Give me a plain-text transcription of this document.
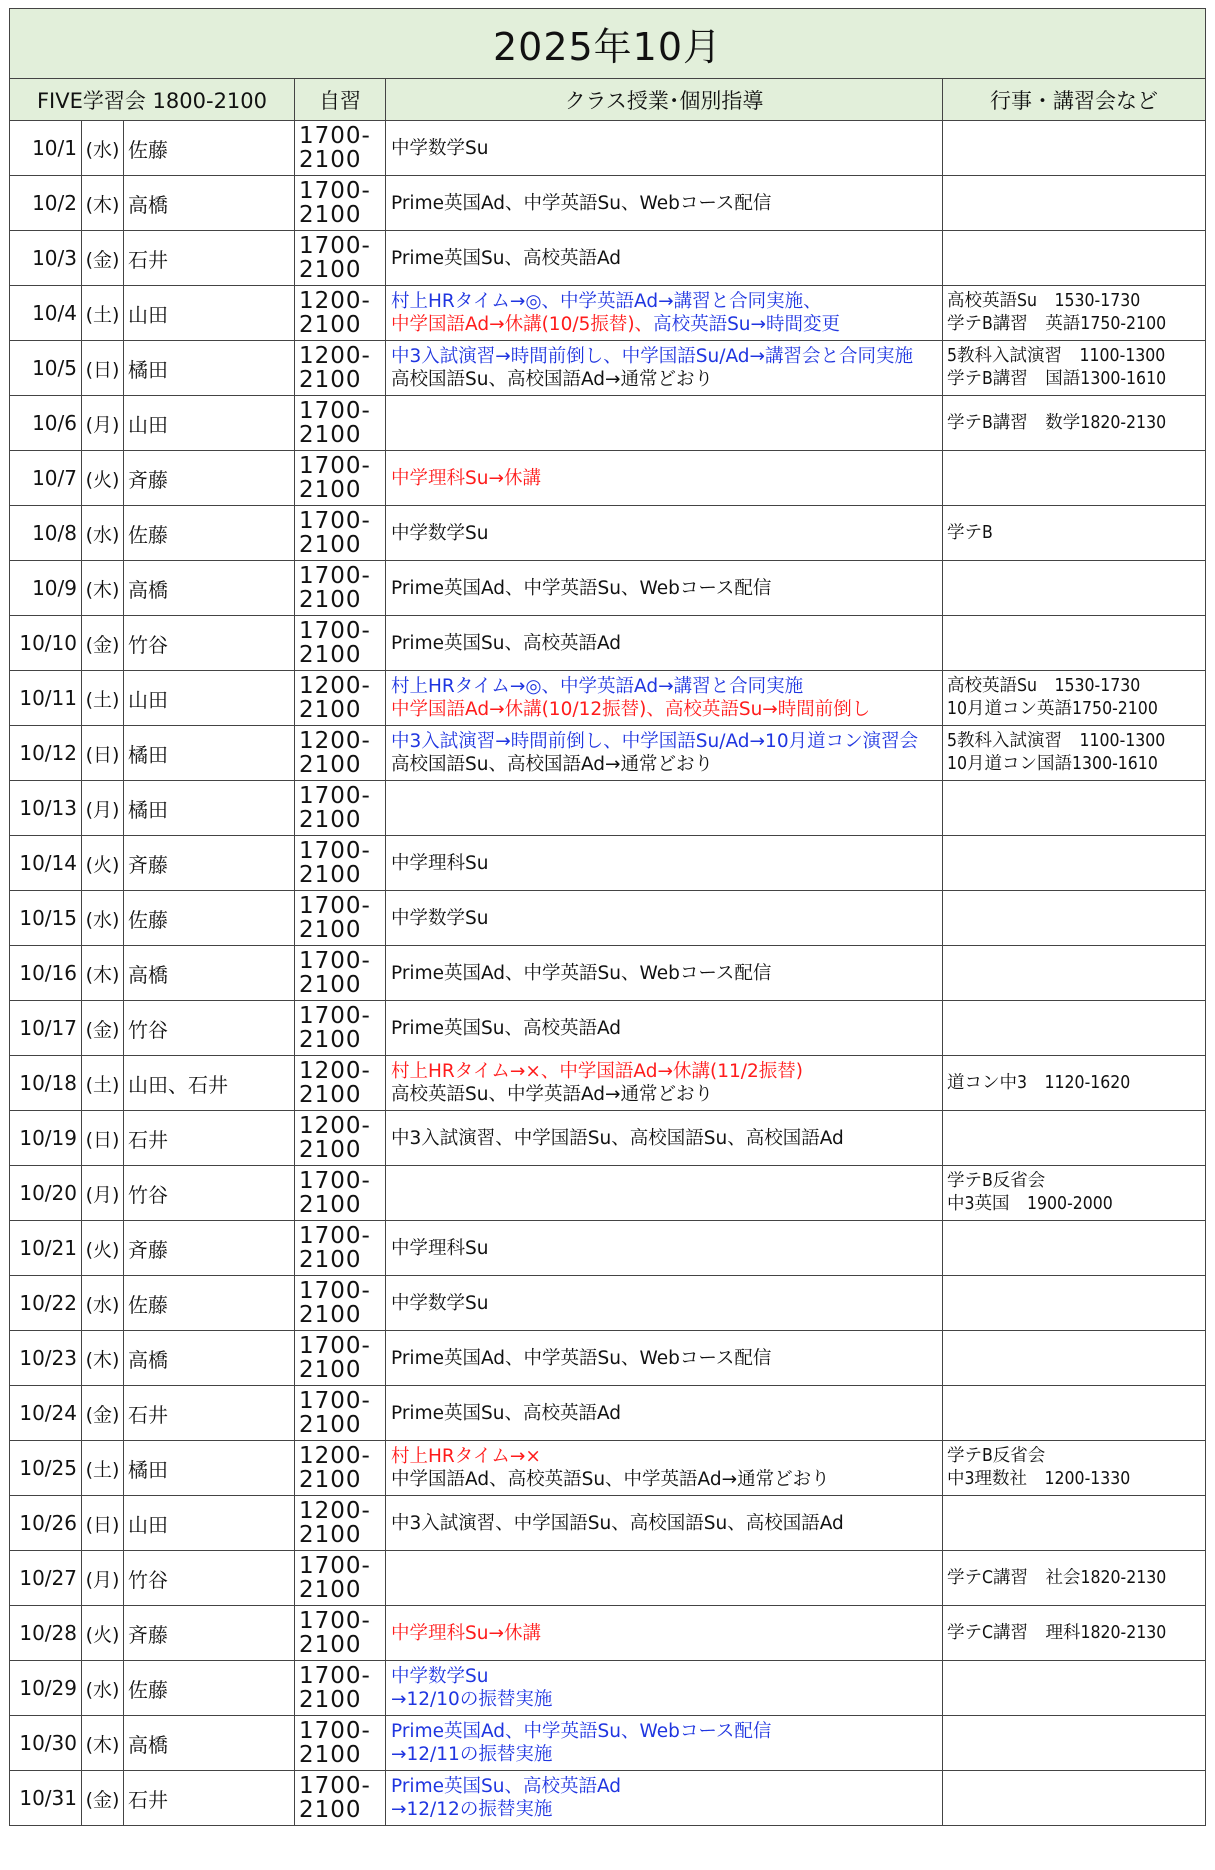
2025年10月					
FIVE学習会 1800-2100			自習	クラス授業･個別指導	行事・講習会など
10/1	(水)	佐藤	1700-
2100	中学数学Su	

10/2	(木)	高橋	1700-
2100	Prime英国Ad、中学英語Su、Webコース配信	

10/3	(金)	石井	1700-
2100	Prime英国Su、高校英語Ad	

10/4	(土)	山田	1200-
2100	村上HRタイム→◎、中学英語Ad→講習と合同実施、
中学国語Ad→休講(10/5振替)、高校英語Su→時間変更	高校英語Su　1530-1730
学テB講習　英語1750-2100

10/5	(日)	橘田	1200-
2100	中3入試演習→時間前倒し、中学国語Su/Ad→講習会と合同実施
高校国語Su、高校国語Ad→通常どおり	5教科入試演習　1100-1300
学テB講習　国語1300-1610

10/6	(月)	山田	1700-
2100		学テB講習　数学1820-2130

10/7	(火)	斉藤	1700-
2100	中学理科Su→休講	

10/8	(水)	佐藤	1700-
2100	中学数学Su	学テB

10/9	(木)	高橋	1700-
2100	Prime英国Ad、中学英語Su、Webコース配信	

10/10	(金)	竹谷	1700-
2100	Prime英国Su、高校英語Ad	

10/11	(土)	山田	1200-
2100	村上HRタイム→◎、中学英語Ad→講習と合同実施
中学国語Ad→休講(10/12振替)、高校英語Su→時間前倒し	高校英語Su　1530-1730
10月道コン英語1750-2100

10/12	(日)	橘田	1200-
2100	中3入試演習→時間前倒し、中学国語Su/Ad→10月道コン演習会
高校国語Su、高校国語Ad→通常どおり	5教科入試演習　1100-1300
10月道コン国語1300-1610

10/13	(月)	橘田	1700-
2100		

10/14	(火)	斉藤	1700-
2100	中学理科Su	

10/15	(水)	佐藤	1700-
2100	中学数学Su	

10/16	(木)	高橋	1700-
2100	Prime英国Ad、中学英語Su、Webコース配信	

10/17	(金)	竹谷	1700-
2100	Prime英国Su、高校英語Ad	

10/18	(土)	山田、石井	1200-
2100	村上HRタイム→×、中学国語Ad→休講(11/2振替)
高校英語Su、中学英語Ad→通常どおり	道コン中3　1120-1620

10/19	(日)	石井	1200-
2100	中3入試演習、中学国語Su、高校国語Su、高校国語Ad	

10/20	(月)	竹谷	1700-
2100		学テB反省会
中3英国　1900-2000

10/21	(火)	斉藤	1700-
2100	中学理科Su	

10/22	(水)	佐藤	1700-
2100	中学数学Su	

10/23	(木)	高橋	1700-
2100	Prime英国Ad、中学英語Su、Webコース配信	

10/24	(金)	石井	1700-
2100	Prime英国Su、高校英語Ad	

10/25	(土)	橘田	1200-
2100	村上HRタイム→×
中学国語Ad、高校英語Su、中学英語Ad→通常どおり	学テB反省会
中3理数社　1200-1330

10/26	(日)	山田	1200-
2100	中3入試演習、中学国語Su、高校国語Su、高校国語Ad	

10/27	(月)	竹谷	1700-
2100		学テC講習　社会1820-2130

10/28	(火)	斉藤	1700-
2100	中学理科Su→休講	学テC講習　理科1820-2130

10/29	(水)	佐藤	1700-
2100	中学数学Su
→12/10の振替実施	

10/30	(木)	高橋	1700-
2100	Prime英国Ad、中学英語Su、Webコース配信
→12/11の振替実施	

10/31	(金)	石井	1700-
2100	Prime英国Su、高校英語Ad
→12/12の振替実施	
